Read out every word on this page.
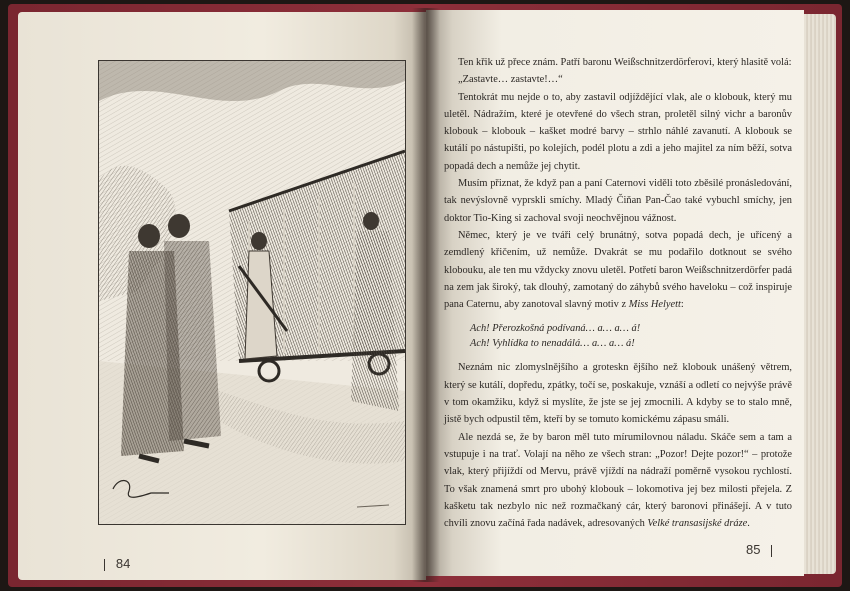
84

Ten křik už přece znám. Patří baronu Weißschnitzerdörferovi, který hlasitě volá:

„Zastavte… zastavte!…“

Tentokrát mu nejde o to, aby zastavil odjíždějící vlak, ale o klobouk, který mu uletěl. Nádražím, které je otevřené do všech stran, proletěl silný vichr a baronův klobouk – klobouk – kašket modré barvy – strhlo náhlé zavanutí. A klobouk se kutálí po nástupišti, po kolejích, podél plotu a zdi a jeho majitel za ním běží, sotva popadá dech a nemůže jej chytit.

Musím přiznat, že když pan a paní Caternovi viděli toto zběsilé pronásledování, tak nevýslovně vyprskli smíchy. Mladý Čiňan Pan-Čao také vybuchl smíchy, jen doktor Tio-King si zachoval svoji neochvějnou vážnost.

Němec, který je ve tváři celý brunátný, sotva popadá dech, je uřícený a zemdlený křičením, už nemůže. Dvakrát se mu podařilo dotknout se svého klobouku, ale ten mu vždycky znovu uletěl. Potřetí baron Weißschnitzerdörfer padá na zem jak široký, tak dlouhý, zamotaný do záhybů svého haveloku – což inspiruje pana Caternu, aby zanotoval slavný motiv z Miss Helyett:

Ach! Přerozkošná podívaná… a… a… á!
Ach! Vyhlídka to nenadálá… a… a… á!

Neznám nic zlomyslnějšího a groteskn ějšího než klobouk unášený větrem, který se kutálí, dopředu, zpátky, točí se, poskakuje, vznáší a odletí co nejvýše právě v tom okamžiku, když si myslíte, že jste se jej zmocnili. A kdyby se to stalo mně, jistě bych odpustil těm, kteří by se tomuto komickému zápasu smáli.

Ale nezdá se, že by baron měl tuto mírumilovnou náladu. Skáče sem a tam a vstupuje i na trať. Volají na něho ze všech stran: „Pozor! Dejte pozor!“ – protože vlak, který přijíždí od Mervu, právě vjíždí na nádraží poměrně vysokou rychlostí. To však znamená smrt pro ubohý klobouk – lokomotiva jej bez milosti přejela. Z kašketu tak nezbylo nic než rozmačkaný cár, který baronovi přinášejí. A v tuto chvíli znovu začíná řada nadávek, adresovaných Velké transasijské dráze.

85
